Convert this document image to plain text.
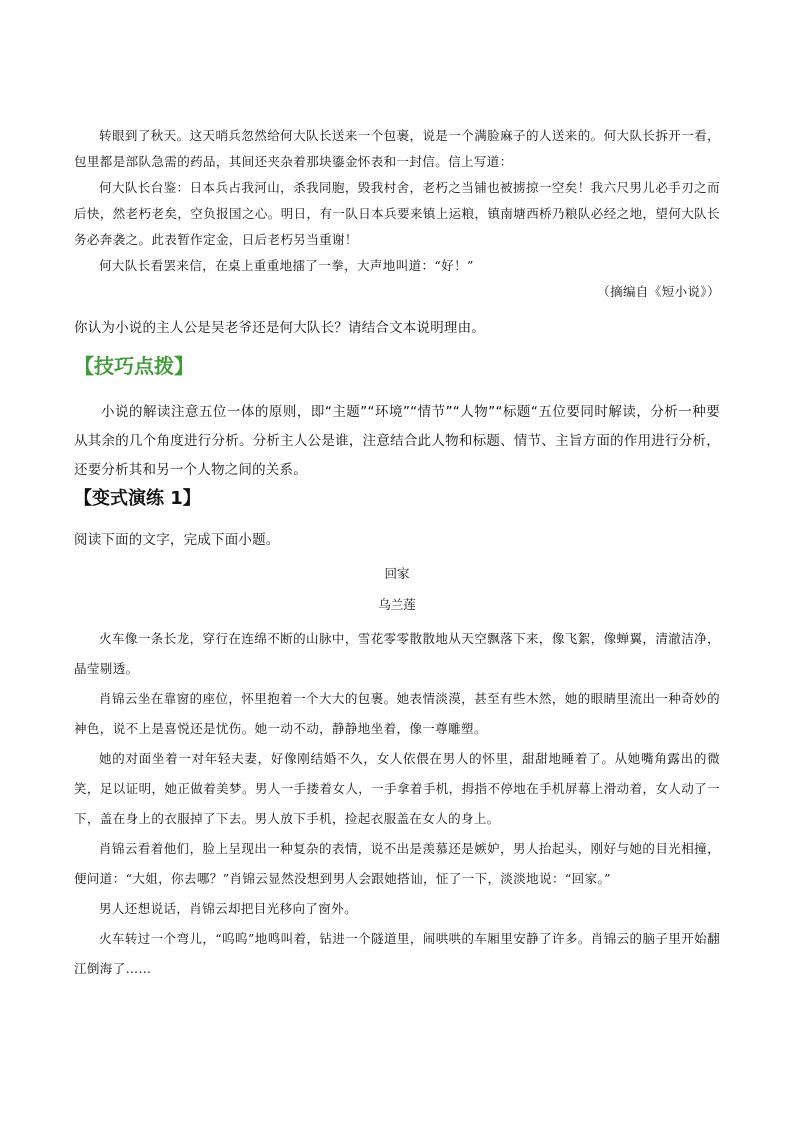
转眼到了秋天。这天哨兵忽然给何大队长送来一个包裹，说是一个满脸麻子的人送来的。何大队长拆开一看，包里都是部队急需的药品，其间还夹杂着那块鎏金怀表和一封信。信上写道：

何大队长台鉴：日本兵占我河山，杀我同胞，毁我村舍，老朽之当铺也被掳掠一空矣！我六尺男儿必手刃之而后快，然老朽老矣，空负报国之心。明日，有一队日本兵要来镇上运粮，镇南塘西桥乃粮队必经之地，望何大队长务必奔袭之。此表暂作定金，日后老朽另当重谢！

何大队长看罢来信，在桌上重重地擂了一拳，大声地叫道：“好！”

（摘编自《短小说》）

你认为小说的主人公是吴老爷还是何大队长？请结合文本说明理由。
【技巧点拨】
小说的解读注意五位一体的原则，即“主题”“环境”“情节”“人物”“标题“五位要同时解读，分析一种要从其余的几个角度进行分析。分析主人公是谁，注意结合此人物和标题、情节、主旨方面的作用进行分析，还要分析其和另一个人物之间的关系。
【变式演练 1】
阅读下面的文字，完成下面小题。
回家
乌兰莲

火车像一条长龙，穿行在连绵不断的山脉中，雪花零零散散地从天空飘落下来，像飞絮，像蝉翼，清澈洁净，晶莹剔透。

肖锦云坐在靠窗的座位，怀里抱着一个大大的包裹。她表情淡漠，甚至有些木然，她的眼睛里流出一种奇妙的神色，说不上是喜悦还是忧伤。她一动不动，静静地坐着，像一尊雕塑。

她的对面坐着一对年轻夫妻，好像刚结婚不久，女人依偎在男人的怀里，甜甜地睡着了。从她嘴角露出的微笑，足以证明，她正做着美梦。男人一手搂着女人，一手拿着手机，拇指不停地在手机屏幕上滑动着，女人动了一下，盖在身上的衣服掉了下去。男人放下手机，捡起衣服盖在女人的身上。

肖锦云看着他们，脸上呈现出一种复杂的表情，说不出是羡慕还是嫉妒，男人抬起头，刚好与她的目光相撞，便问道：“大姐，你去哪？”肖锦云显然没想到男人会跟她搭讪，怔了一下，淡淡地说：“回家。”

男人还想说话，肖锦云却把目光移向了窗外。

火车转过一个弯儿，“呜呜”地鸣叫着，钻进一个隧道里，闹哄哄的车厢里安静了许多。肖锦云的脑子里开始翻江倒海了……
